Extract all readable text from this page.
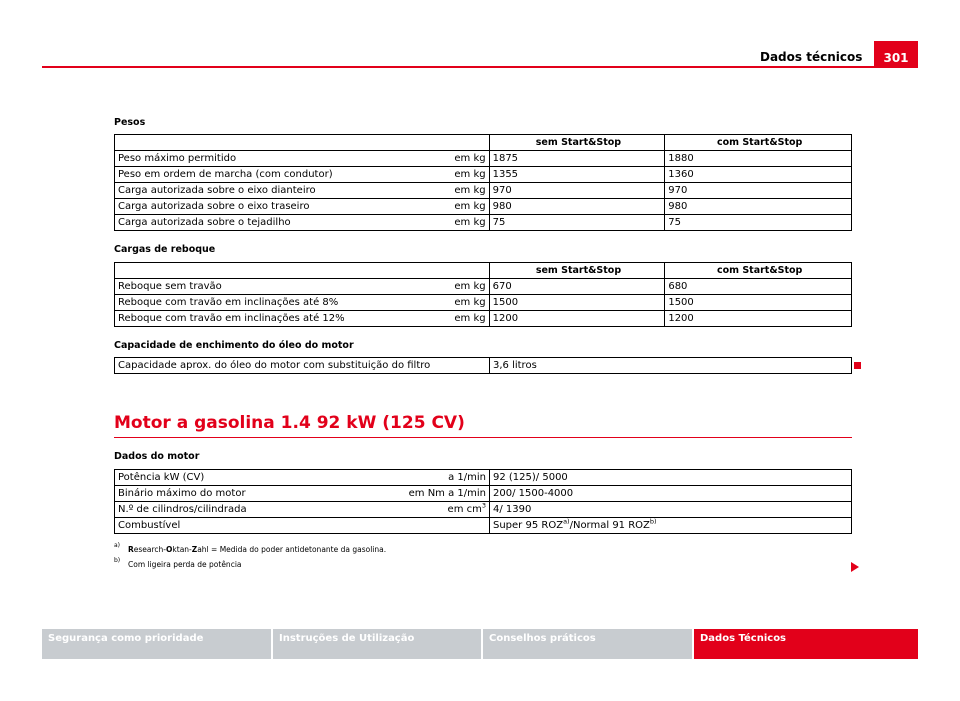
Dados técnicos	301
Pesos
	sem Start&Stop	com Start&Stop

Peso máximo permitido em kg	1875	1880

Peso em ordem de marcha (com condutor) em kg	1355	1360

Carga autorizada sobre o eixo dianteiro em kg	970	970

Carga autorizada sobre o eixo traseiro em kg	980	980

Carga autorizada sobre o tejadilho em kg	75	75
Cargas de reboque
	sem Start&Stop	com Start&Stop

Reboque sem travão em kg	670	680

Reboque com travão em inclinações até 8% em kg	1500	1500

Reboque com travão em inclinações até 12% em kg	1200	1200
Capacidade de enchimento do óleo do motor
Capacidade aprox. do óleo do motor com substituição do filtro	3,6 litros
Motor a gasolina 1.4 92 kW (125 CV)
Dados do motor
Potência kW (CV) a 1/min	92 (125)/ 5000

Binário máximo do motor em Nm a 1/min	200/ 1500-4000

N.º de cilindros/cilindrada em $cm^3$	4/ 1390
Combustível	Super 95 ROZ$^{a)}$/Normal 91 ROZ$^{b)}$
a) Research-Oktan-Zahl = Medida do poder antidetonante da gasolina.
b) Com ligeira perda de potência
Segurança como prioridade	Instruções de Utilização	Conselhos práticos	Dados Técnicos
